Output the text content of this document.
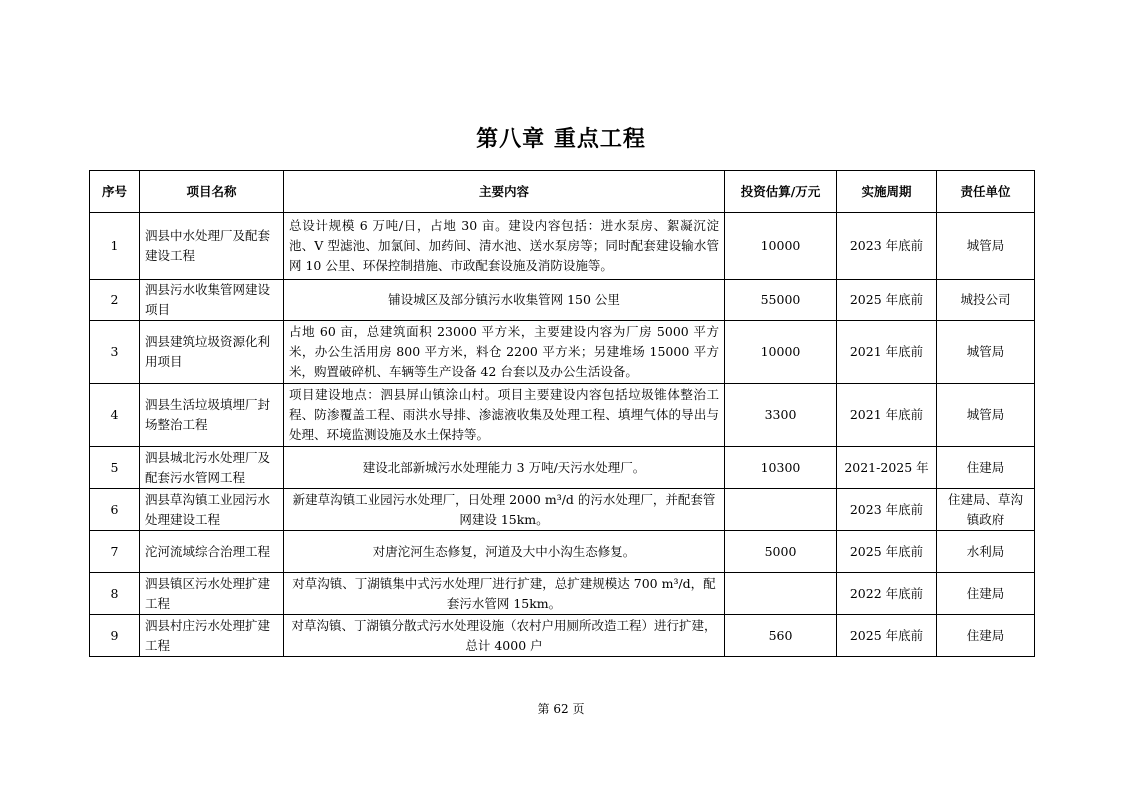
第八章 重点工程
序号	项目名称	主要内容	投资估算/万元	实施周期	责任单位
1	泗县中水处理厂及配套建设工程	总设计规模 6 万吨/日，占地 30 亩。建设内容包括：进水泵房、絮凝沉淀池、V 型滤池、加氯间、加药间、清水池、送水泵房等；同时配套建设输水管网 10 公里、环保控制措施、市政配套设施及消防设施等。	10000	2023 年底前	城管局
2	泗县污水收集管网建设项目	铺设城区及部分镇污水收集管网 150 公里	55000	2025 年底前	城投公司
3	泗县建筑垃圾资源化利用项目	占地 60 亩，总建筑面积 23000 平方米，主要建设内容为厂房 5000 平方米，办公生活用房 800 平方米，料仓 2200 平方米；另建堆场 15000 平方米，购置破碎机、车辆等生产设备 42 台套以及办公生活设备。	10000	2021 年底前	城管局
4	泗县生活垃圾填埋厂封场整治工程	项目建设地点：泗县屏山镇涂山村。项目主要建设内容包括垃圾锥体整治工程、防渗覆盖工程、雨洪水导排、渗滤液收集及处理工程、填埋气体的导出与处理、环境监测设施及水土保持等。	3300	2021 年底前	城管局
5	泗县城北污水处理厂及配套污水管网工程	建设北部新城污水处理能力 3 万吨/天污水处理厂。	10300	2021-2025 年	住建局
6	泗县草沟镇工业园污水处理建设工程	新建草沟镇工业园污水处理厂，日处理 2000 m³/d 的污水处理厂，并配套管网建设 15km。		2023 年底前	住建局、草沟镇政府
7	沱河流域综合治理工程	对唐沱河生态修复，河道及大中小沟生态修复。	5000	2025 年底前	水利局
8	泗县镇区污水处理扩建工程	对草沟镇、丁湖镇集中式污水处理厂进行扩建，总扩建规模达 700 m³/d，配套污水管网 15km。		2022 年底前	住建局
9	泗县村庄污水处理扩建工程	对草沟镇、丁湖镇分散式污水处理设施（农村户用厕所改造工程）进行扩建，总计 4000 户	560	2025 年底前	住建局
第 62 页
